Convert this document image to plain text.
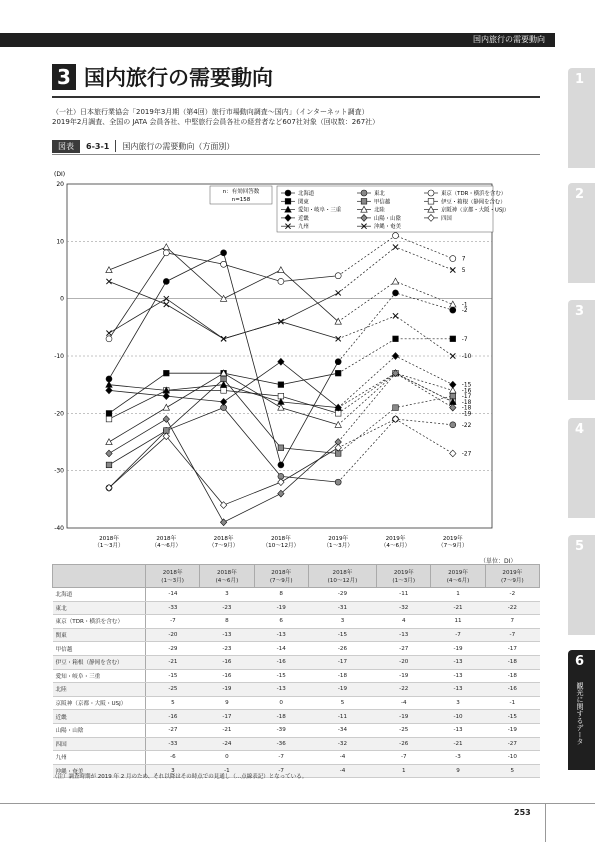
国内旅行の需要動向
3 国内旅行の需要動向
（一社）日本旅行業協会「2019年3月期（第4回）旅行市場動向調査〜国内」（インターネット調査）
2019年2月調査、全国の JATA 会員各社、中堅旅行会員各社の経営者など607社対象（回収数：267社）
図表	6-3-1 国内旅行の需要動向（方面別）
(DI)
20
10
0
-10
-20
-30
-40
2018年
（1〜3月）
2018年
（4〜6月）
2018年
（7〜9月）
2018年
（10〜12月）
2019年
（1〜3月）
2019年
（4〜6月）
2019年
（7〜9月）
7
5
-1
-2
-7
-10
-15
-16
-17
-18
-18
-19
-22
-27
n：有効回答数
n=158
北海道	東北	東京（TDR・横浜を含む）
関東	甲信越	伊豆・箱根（静岡を含む）
愛知・岐阜・三重	北陸	京阪神（京都・大阪・USJ）
近畿	山陽・山陰	四国
九州	沖縄・奄美
（単位：DI）
	2018年
(1〜3月)	2018年
(4〜6月)	2018年
(7〜9月)	2018年
(10〜12月)	2019年
(1〜3月)	2019年
(4〜6月)	2019年
(7〜9月)
北海道	-14	3	8	-29	-11	1	-2
東北	-33	-23	-19	-31	-32	-21	-22
東京（TDR・横浜を含む）	-7	8	6	3	4	11	7
関東	-20	-13	-13	-15	-13	-7	-7
甲信越	-29	-23	-14	-26	-27	-19	-17
伊豆・箱根（静岡を含む）	-21	-16	-16	-17	-20	-13	-18
愛知・岐阜・三重	-15	-16	-15	-18	-19	-13	-18
北陸	-25	-19	-13	-19	-22	-13	-16
京阪神（京都・大阪・USJ）	5	9	0	5	-4	3	-1
近畿	-16	-17	-18	-11	-19	-10	-15
山陽・山陰	-27	-21	-39	-34	-25	-13	-19
四国	-33	-24	-36	-32	-26	-21	-27
九州	-6	0	-7	-4	-7	-3	-10
沖縄・奄美	3	-1	-7	-4	1	9	5
（注）調査時期が 2019 年 2 月のため、それ以降はその時点での見通し（…点線表記）となっている。
253
1
2
3
4
5
6
観光に関するデータ
